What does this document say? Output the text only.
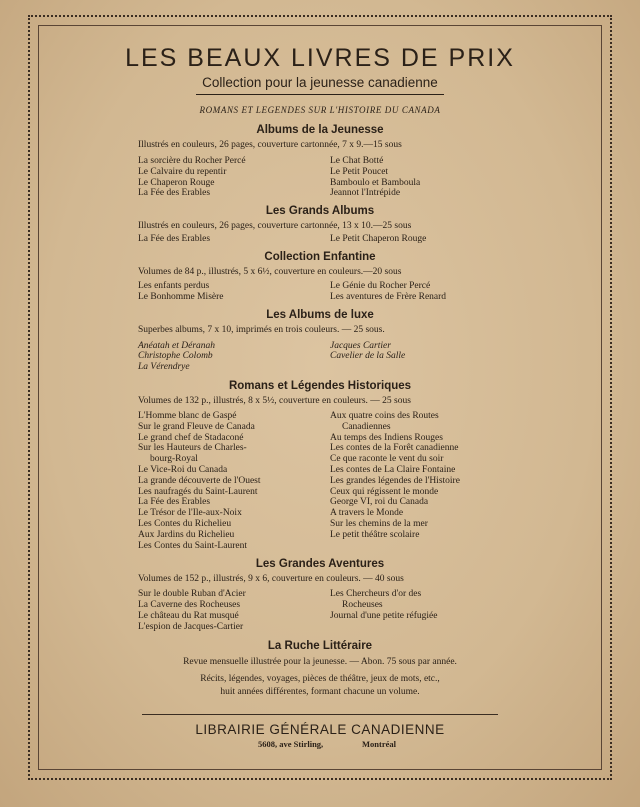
LES BEAUX LIVRES DE PRIX
Collection pour la jeunesse canadienne
ROMANS ET LEGENDES SUR L'HISTOIRE DU CANADA
Albums de la Jeunesse
Illustrés en couleurs, 26 pages, couverture cartonnée, 7 x 9.—15 sous
La sorcière du Rocher Percé
Le Calvaire du repentir
Le Chaperon Rouge
La Fée des Erables
Le Chat Botté
Le Petit Poucet
Bamboulo et Bamboula
Jeannot l'Intrépide
Les Grands Albums
Illustrés en couleurs, 26 pages, couverture cartonnée, 13 x 10.—25 sous
La Fée des Erables	Le Petit Chaperon Rouge
Collection Enfantine
Volumes de 84 p., illustrés, 5 x 6½, couverture en couleurs.—20 sous
Les enfants perdus
Le Bonhomme Misère
Le Génie du Rocher Percé
Les aventures de Frère Renard
Les Albums de luxe
Superbes albums, 7 x 10, imprimés en trois couleurs. — 25 sous.
Anéatah et Déranah
Christophe Colomb
La Vérendrye
Jacques Cartier
Cavelier de la Salle
Romans et Légendes Historiques
Volumes de 132 p., illustrés, 8 x 5½, couverture en couleurs. — 25 sous
L'Homme blanc de Gaspé
Sur le grand Fleuve de Canada
Le grand chef de Stadaconé
Sur les Hauteurs de Charles-
bourg-Royal
Le Vice-Roi du Canada
La grande découverte de l'Ouest
Les naufragés du Saint-Laurent
La Fée des Erables
Le Trésor de l'Ile-aux-Noix
Les Contes du Richelieu
Aux Jardins du Richelieu
Les Contes du Saint-Laurent
Aux quatre coins des Routes
Canadiennes
Au temps des Indiens Rouges
Les contes de la Forêt canadienne
Ce que raconte le vent du soir
Les contes de La Claire Fontaine
Les grandes légendes de l'Histoire
Ceux qui régissent le monde
George VI, roi du Canada
A travers le Monde
Sur les chemins de la mer
Le petit théâtre scolaire
Les Grandes Aventures
Volumes de 152 p., illustrés, 9 x 6, couverture en couleurs. — 40 sous
Sur le double Ruban d'Acier
La Caverne des Rocheuses
Le château du Rat musqué
L'espion de Jacques-Cartier
Les Chercheurs d'or des
Rocheuses
Journal d'une petite réfugiée
La Ruche Littéraire
Revue mensuelle illustrée pour la jeunesse. — Abon. 75 sous par année.
Récits, légendes, voyages, pièces de théâtre, jeux de mots, etc.,
huit années différentes, formant chacune un volume.
LIBRAIRIE GÉNÉRALE CANADIENNE
5608, ave Stirling,	Montréal
